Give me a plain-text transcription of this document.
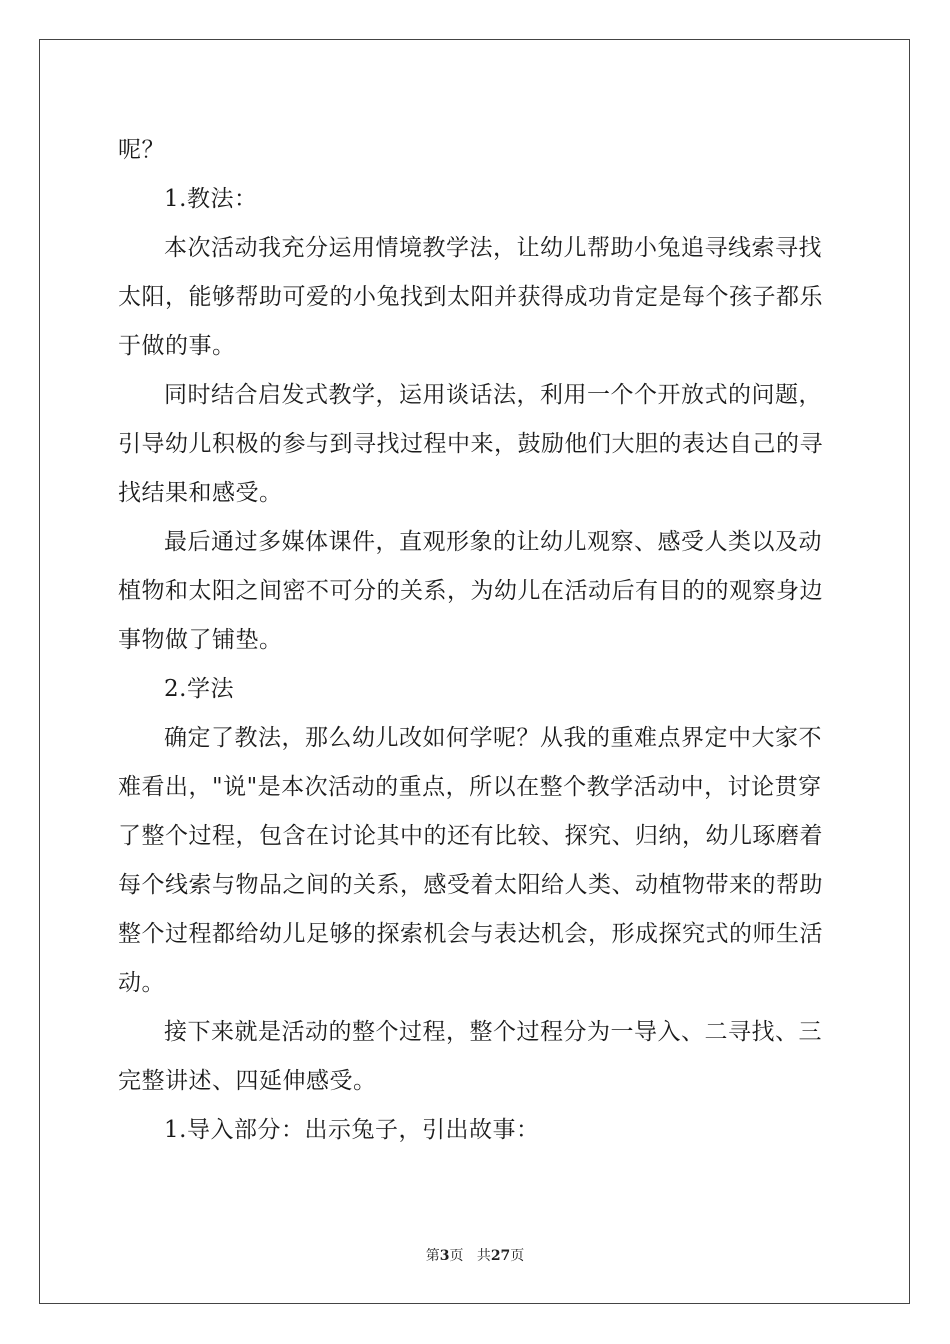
呢？
1.教法：
本次活动我充分运用情境教学法，让幼儿帮助小兔追寻线索寻找
太阳，能够帮助可爱的小兔找到太阳并获得成功肯定是每个孩子都乐
于做的事。
同时结合启发式教学，运用谈话法，利用一个个开放式的问题，
引导幼儿积极的参与到寻找过程中来，鼓励他们大胆的表达自己的寻
找结果和感受。
最后通过多媒体课件，直观形象的让幼儿观察、感受人类以及动
植物和太阳之间密不可分的关系，为幼儿在活动后有目的的观察身边
事物做了铺垫。
2.学法
确定了教法，那么幼儿改如何学呢？从我的重难点界定中大家不
难看出，"说"是本次活动的重点，所以在整个教学活动中，讨论贯穿
了整个过程，包含在讨论其中的还有比较、探究、归纳，幼儿琢磨着
每个线索与物品之间的关系，感受着太阳给人类、动植物带来的帮助
整个过程都给幼儿足够的探索机会与表达机会，形成探究式的师生活
动。
接下来就是活动的整个过程，整个过程分为一导入、二寻找、三
完整讲述、四延伸感受。
1.导入部分：出示兔子，引出故事：
第3页 共27页
